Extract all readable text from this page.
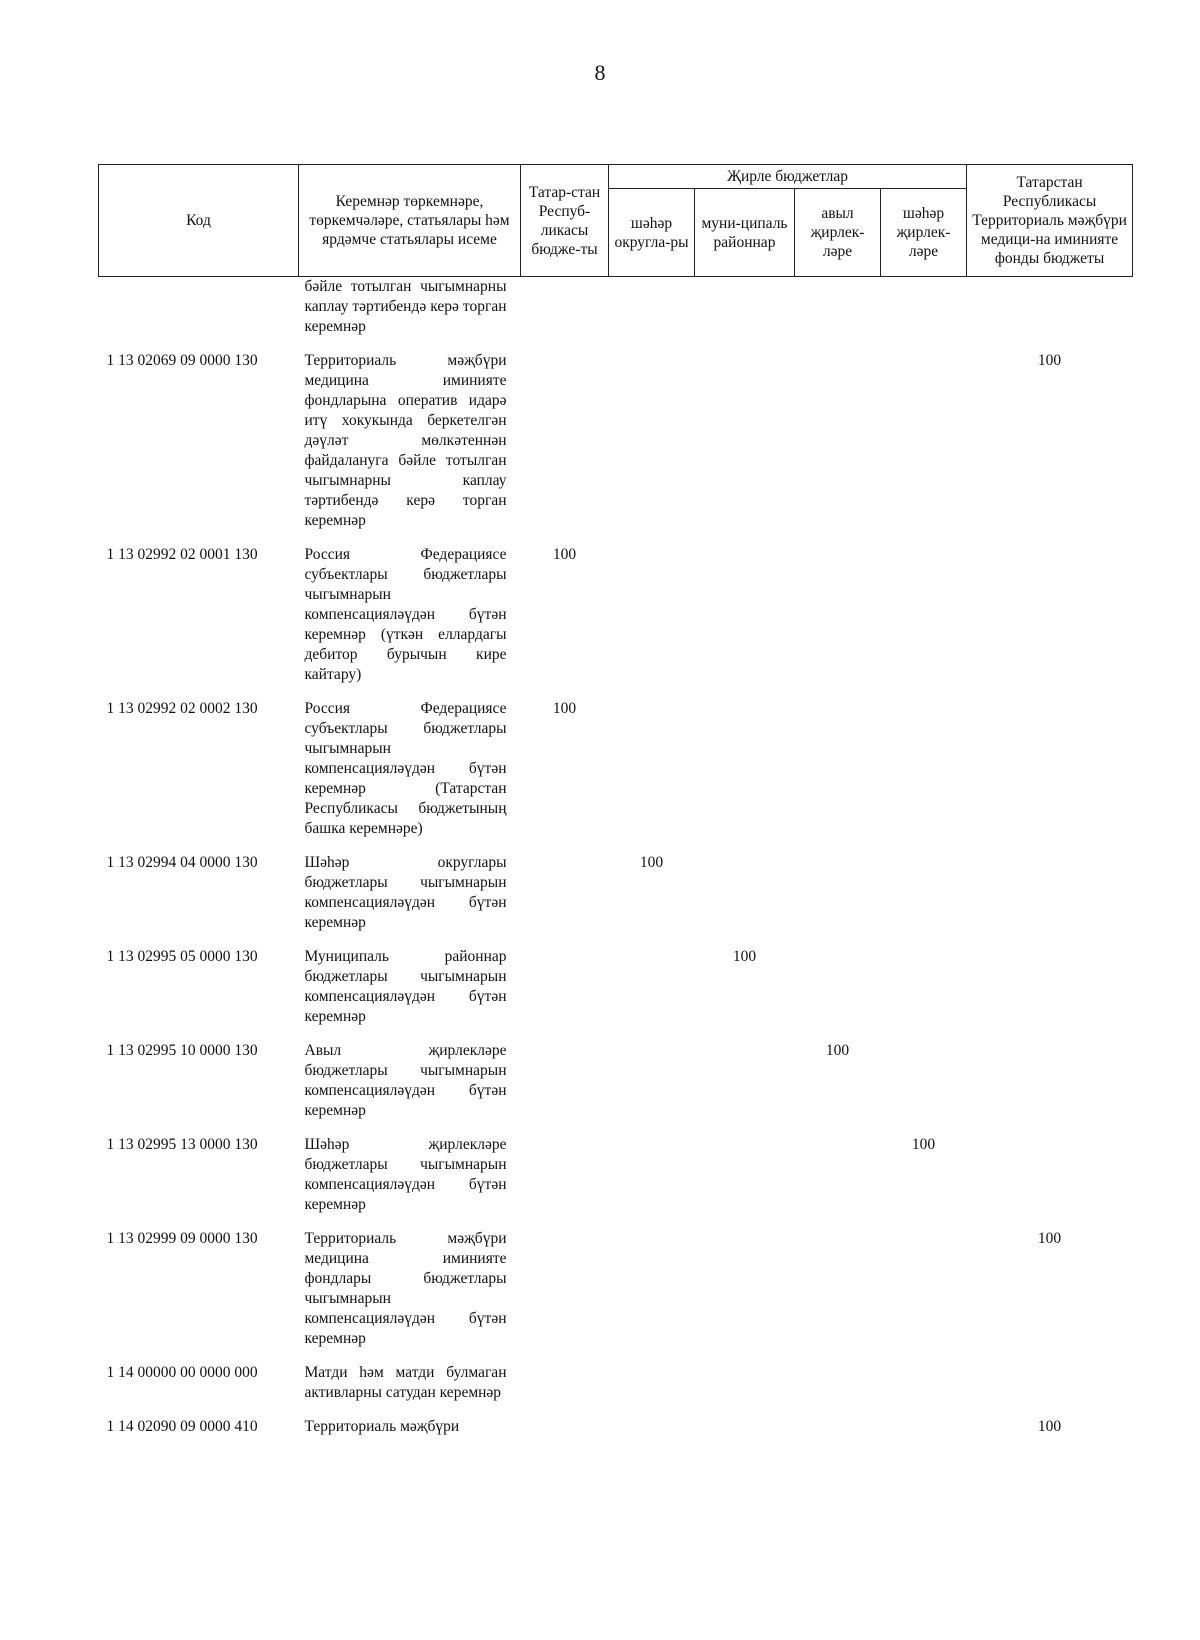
8
Код	Керемнәр төркемнәре, төркемчәләре, статьялары һәм ярдәмче статьялары исеме	Татар-стан Респуб-ликасы бюдже-ты	Җирле бюджетлар				Татарстан Республикасы Территориаль мәҗбүри медици-на иминияте фонды бюджеты
			шәһәр округла-ры	муни-ципаль районнар	авыл җирлек-ләре	шәһәр җирлек-ләре	
	бәйле тотылган чыгымнарны каплау тәртибендә керә торган керемнәр						
1 13 02069 09 0000 130	Территориаль мәҗбүри медицина иминияте фондларына оператив идарә итү хокукында беркетелгән дәүләт мөлкәтеннән файдалануга бәйле тотылган чыгымнарны каплау тәртибендә керә торган керемнәр						100
1 13 02992 02 0001 130	Россия Федерациясе субъектлары бюджетлары чыгымнарын компенсацияләүдән бүтән керемнәр (үткән еллардагы дебитор бурычын кире кайтару)	100					
1 13 02992 02 0002 130	Россия Федерациясе субъектлары бюджетлары чыгымнарын компенсацияләүдән бүтән керемнәр (Татарстан Республикасы бюджетының башка керемнәре)	100					
1 13 02994 04 0000 130	Шәһәр округлары бюджетлары чыгымнарын компенсацияләүдән бүтән керемнәр		100				
1 13 02995 05 0000 130	Муниципаль районнар бюджетлары чыгымнарын компенсацияләүдән бүтән керемнәр			100			
1 13 02995 10 0000 130	Авыл җирлекләре бюджетлары чыгымнарын компенсацияләүдән бүтән керемнәр				100		
1 13 02995 13 0000 130	Шәһәр җирлекләре бюджетлары чыгымнарын компенсацияләүдән бүтән керемнәр					100	
1 13 02999 09 0000 130	Территориаль мәҗбүри медицина иминияте фондлары бюджетлары чыгымнарын компенсацияләүдән бүтән керемнәр						100
1 14 00000 00 0000 000	Матди һәм матди булмаган активларны сатудан керемнәр						
1 14 02090 09 0000 410	Территориаль мәҗбүри						100
